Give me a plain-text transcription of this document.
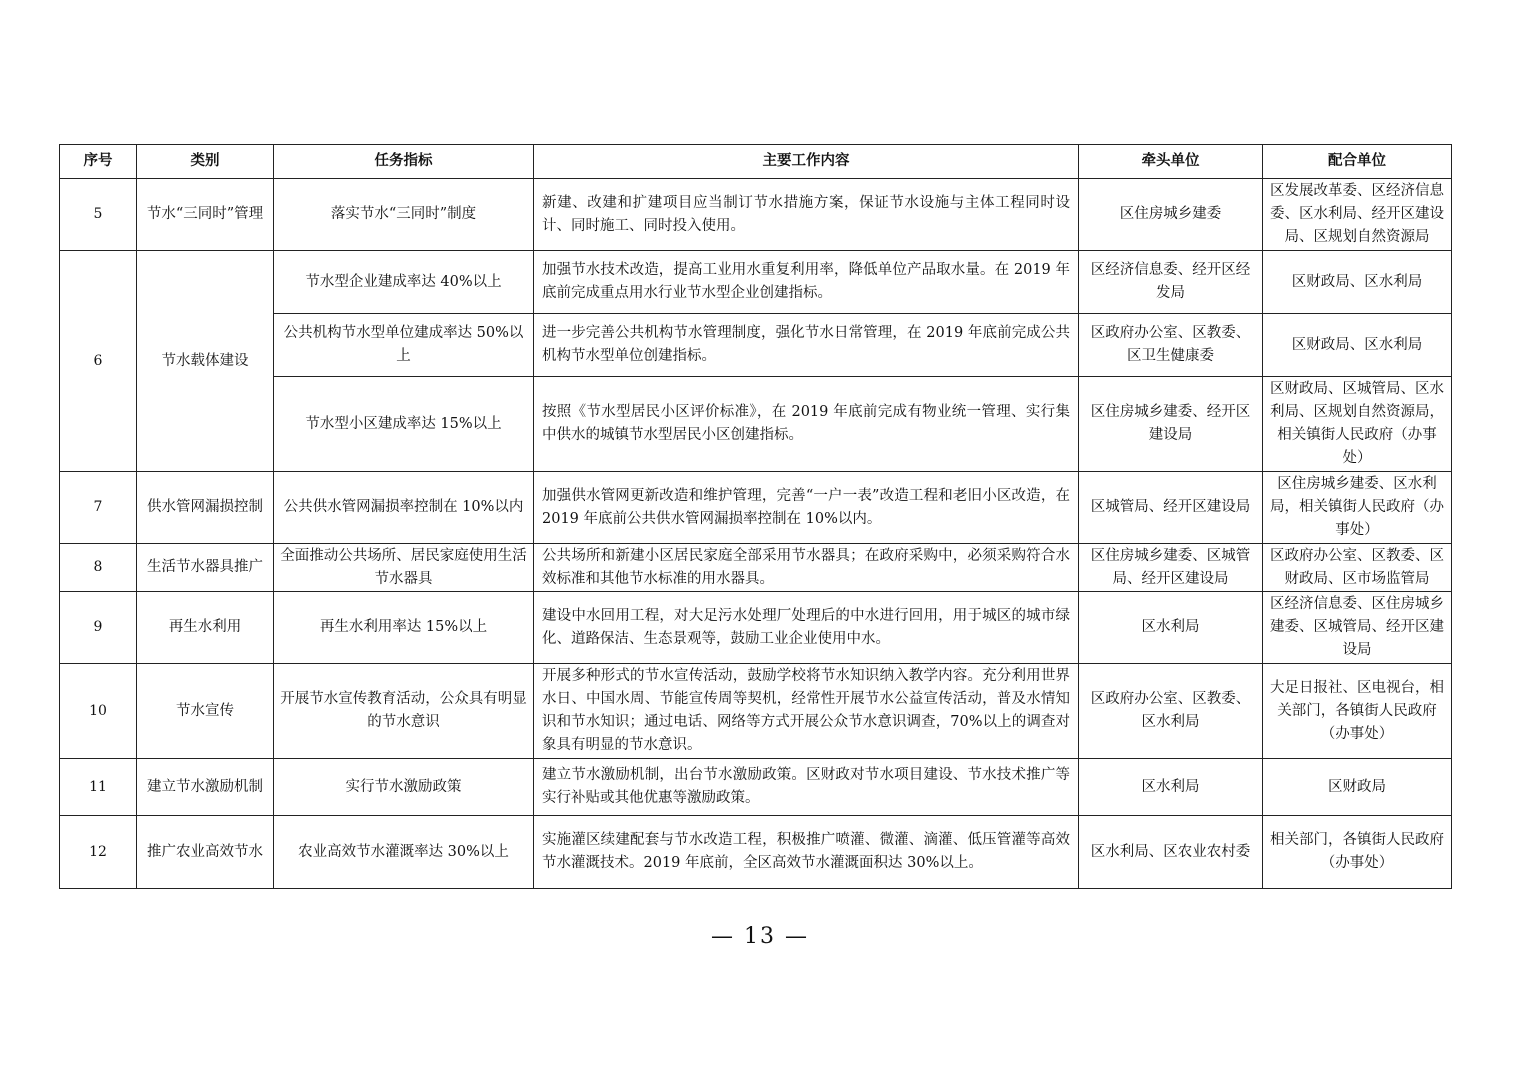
序号	类别	任务指标	主要工作内容	牵头单位	配合单位
5	节水“三同时”管理	落实节水“三同时”制度	新建、改建和扩建项目应当制订节水措施方案，保证节水设施与主体工程同时设计、同时施工、同时投入使用。	区住房城乡建委	区发展改革委、区经济信息委、区水利局、经开区建设局、区规划自然资源局
6	节水载体建设	节水型企业建成率达 40%以上	加强节水技术改造，提高工业用水重复利用率，降低单位产品取水量。在 2019 年底前完成重点用水行业节水型企业创建指标。	区经济信息委、经开区经发局	区财政局、区水利局
		公共机构节水型单位建成率达 50%以上	进一步完善公共机构节水管理制度，强化节水日常管理，在 2019 年底前完成公共机构节水型单位创建指标。	区政府办公室、区教委、区卫生健康委	区财政局、区水利局
		节水型小区建成率达 15%以上	按照《节水型居民小区评价标准》，在 2019 年底前完成有物业统一管理、实行集中供水的城镇节水型居民小区创建指标。	区住房城乡建委、经开区建设局	区财政局、区城管局、区水利局、区规划自然资源局，相关镇街人民政府（办事处）
7	供水管网漏损控制	公共供水管网漏损率控制在 10%以内	加强供水管网更新改造和维护管理，完善“一户一表”改造工程和老旧小区改造，在 2019 年底前公共供水管网漏损率控制在 10%以内。	区城管局、经开区建设局	区住房城乡建委、区水利局，相关镇街人民政府（办事处）
8	生活节水器具推广	全面推动公共场所、居民家庭使用生活节水器具	公共场所和新建小区居民家庭全部采用节水器具；在政府采购中，必须采购符合水效标准和其他节水标准的用水器具。	区住房城乡建委、区城管局、经开区建设局	区政府办公室、区教委、区财政局、区市场监管局
9	再生水利用	再生水利用率达 15%以上	建设中水回用工程，对大足污水处理厂处理后的中水进行回用，用于城区的城市绿化、道路保洁、生态景观等，鼓励工业企业使用中水。	区水利局	区经济信息委、区住房城乡建委、区城管局、经开区建设局
10	节水宣传	开展节水宣传教育活动，公众具有明显的节水意识	开展多种形式的节水宣传活动，鼓励学校将节水知识纳入教学内容。充分利用世界水日、中国水周、节能宣传周等契机，经常性开展节水公益宣传活动，普及水情知识和节水知识；通过电话、网络等方式开展公众节水意识调查，70%以上的调查对象具有明显的节水意识。	区政府办公室、区教委、区水利局	大足日报社、区电视台，相关部门，各镇街人民政府（办事处）
11	建立节水激励机制	实行节水激励政策	建立节水激励机制，出台节水激励政策。区财政对节水项目建设、节水技术推广等实行补贴或其他优惠等激励政策。	区水利局	区财政局
12	推广农业高效节水	农业高效节水灌溉率达 30%以上	实施灌区续建配套与节水改造工程，积极推广喷灌、微灌、滴灌、低压管灌等高效节水灌溉技术。2019 年底前，全区高效节水灌溉面积达 30%以上。	区水利局、区农业农村委	相关部门，各镇街人民政府（办事处）
— 13 —
